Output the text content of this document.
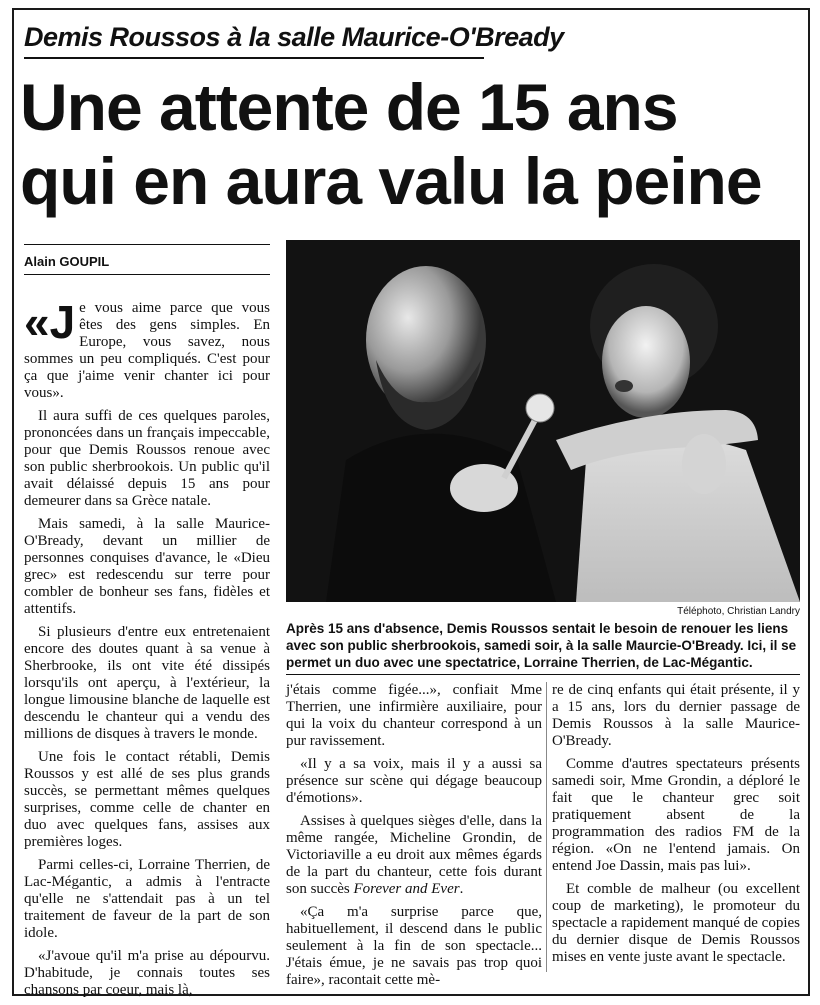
Demis Roussos à la salle Maurice-O'Bready
Une attente de 15 ans
qui en aura valu la peine
Alain GOUPIL

«Je vous aime parce que vous êtes des gens simples. En Europe, vous savez, nous sommes un peu compliqués. C'est pour ça que j'aime venir chanter ici pour vous».

Il aura suffi de ces quelques paroles, prononcées dans un français impeccable, pour que Demis Roussos renoue avec son public sherbrookois. Un public qu'il avait délaissé depuis 15 ans pour demeurer dans sa Grèce natale.

Mais samedi, à la salle Maurice-O'Bready, devant un millier de personnes conquises d'avance, le «Dieu grec» est redescendu sur terre pour combler de bonheur ses fans, fidèles et attentifs.

Si plusieurs d'entre eux entretenaient encore des doutes quant à sa venue à Sherbrooke, ils ont vite été dissipés lorsqu'ils ont aperçu, à l'extérieur, la longue limousine blanche de laquelle est descendu le chanteur qui a vendu des millions de disques à travers le monde.

Une fois le contact rétabli, Demis Roussos y est allé de ses plus grands succès, se permettant mêmes quelques surprises, comme celle de chanter en duo avec quelques fans, assises aux premières loges.

Parmi celles-ci, Lorraine Therrien, de Lac-Mégantic, a admis à l'entracte qu'elle ne s'attendait pas à un tel traitement de faveur de la part de son idole.

«J'avoue qu'il m'a prise au dépourvu. D'habitude, je connais toutes ses chansons par coeur, mais là,

Téléphoto, Christian Landry
Après 15 ans d'absence, Demis Roussos sentait le besoin de renouer les liens avec son public sherbrookois, samedi soir, à la salle Maurcie-O'Bready. Ici, il se permet un duo avec une spectatrice, Lorraine Therrien, de Lac-Mégantic.

j'étais comme figée...», confiait Mme Therrien, une infirmière auxiliaire, pour qui la voix du chanteur correspond à un pur ravissement.

«Il y a sa voix, mais il y a aussi sa présence sur scène qui dégage beaucoup d'émotions».

Assises à quelques sièges d'elle, dans la même rangée, Micheline Grondin, de Victoriaville a eu droit aux mêmes égards de la part du chanteur, cette fois durant son succès Forever and Ever.

«Ça m'a surprise parce que, habituellement, il descend dans le public seulement à la fin de son spectacle... J'étais émue, je ne savais pas trop quoi faire», racontait cette mè-

re de cinq enfants qui était présente, il y a 15 ans, lors du dernier passage de Demis Roussos à la salle Maurice-O'Bready.

Comme d'autres spectateurs présents samedi soir, Mme Grondin, a déploré le fait que le chanteur grec soit pratiquement absent de la programmation des radios FM de la région. «On ne l'entend jamais. On entend Joe Dassin, mais pas lui».

Et comble de malheur (ou excellent coup de marketing), le promoteur du spectacle a rapidement manqué de copies du dernier disque de Demis Roussos mises en vente juste avant le spectacle.
